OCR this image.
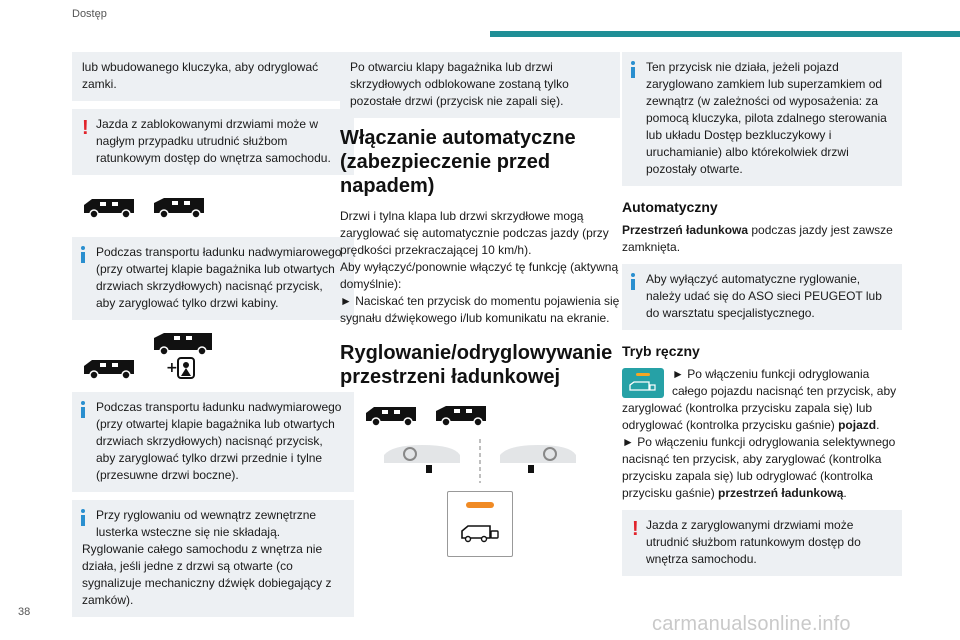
Dostęp
lub wbudowanego kluczyka, aby odryglować zamki.
! Jazda z zablokowanymi drzwiami może w nagłym przypadku utrudnić służbom ratunkowym dostęp do wnętrza samochodu.
Podczas transportu ładunku nadwymiarowego (przy otwartej klapie bagażnika lub otwartych drzwiach skrzydłowych) nacisnąć przycisk, aby zaryglować tylko drzwi kabiny.
+
Podczas transportu ładunku nadwymiarowego (przy otwartej klapie bagażnika lub otwartych drzwiach skrzydłowych) nacisnąć przycisk, aby zaryglować tylko drzwi przednie i tylne (przesuwne drzwi boczne).
Przy ryglowaniu od wewnątrz zewnętrzne lusterka wsteczne się nie składają.
Ryglowanie całego samochodu z wnętrza nie działa, jeśli jedne z drzwi są otwarte (co sygnalizuje mechaniczny dźwięk dobiegający z zamków).
Po otwarciu klapy bagażnika lub drzwi skrzydłowych odblokowane zostaną tylko pozostałe drzwi (przycisk nie zapali się).
Włączanie automatyczne (zabezpieczenie przed napadem)

Drzwi i tylna klapa lub drzwi skrzydłowe mogą zaryglować się automatycznie podczas jazdy (przy prędkości przekraczającej 10 km/h).

Aby wyłączyć/ponownie włączyć tę funkcję (aktywną domyślnie):

► Naciskać ten przycisk do momentu pojawienia się sygnału dźwiękowego i/lub komunikatu na ekranie.

Ryglowanie/odryglowywanie przestrzeni ładunkowej
Ten przycisk nie działa, jeżeli pojazd zaryglowano zamkiem lub superzamkiem od zewnątrz (w zależności od wyposażenia: za pomocą kluczyka, pilota zdalnego sterowania lub układu Dostęp bezkluczykowy i uruchamianie) albo którekolwiek drzwi pozostały otwarte.
Automatyczny

Przestrzeń ładunkowa podczas jazdy jest zawsze zamknięta.

Aby wyłączyć automatyczne ryglowanie, należy udać się do ASO sieci PEUGEOT lub do warsztatu specjalistycznego.
Tryb ręczny

► Po włączeniu funkcji odryglowania całego pojazdu nacisnąć ten przycisk, aby zaryglować (kontrolka przycisku zapala się) lub odryglować (kontrolka przycisku gaśnie) pojazd.

► Po włączeniu funkcji odryglowania selektywnego nacisnąć ten przycisk, aby zaryglować (kontrolka przycisku zapala się) lub odryglować (kontrolka przycisku gaśnie) przestrzeń ładunkową.

! Jazda z zaryglowanymi drzwiami może utrudnić służbom ratunkowym dostęp do wnętrza samochodu.
38
carmanualsonline.info
